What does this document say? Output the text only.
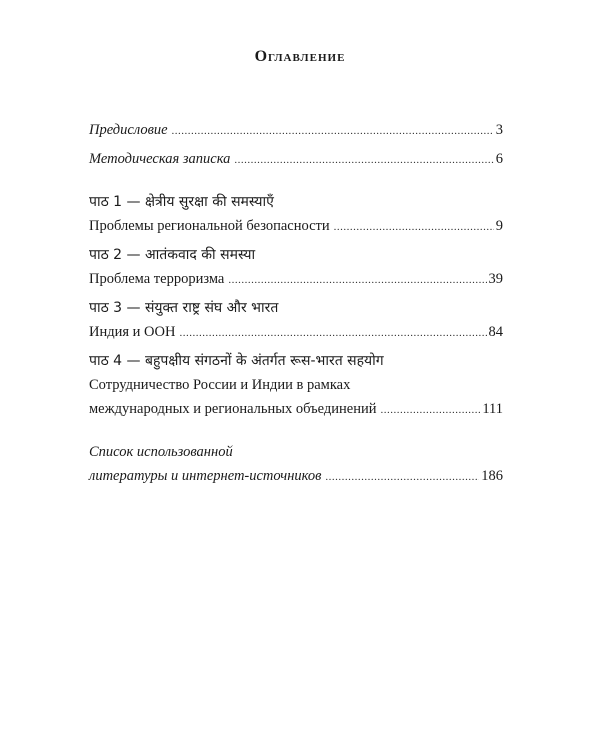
Оглавление
Предисловие .....	3
Методическая записка .....	6
पाठ 1 — क्षेत्रीय सुरक्षा की समस्याएँ
Проблемы региональной безопасности .....	9
पाठ 2 — आतंकवाद की समस्या
Проблема терроризма .....	39
पाठ 3 — संयुक्त राष्ट्र संघ और भारत
Индия и ООН .....	84
पाठ 4 — बहुपक्षीय संगठनों के अंतर्गत रूस-भारत सहयोग
Сотрудничество России и Индии в рамках
международных и региональных объединений .....	111
Список использованной
литературы и интернет-источников .....	186
